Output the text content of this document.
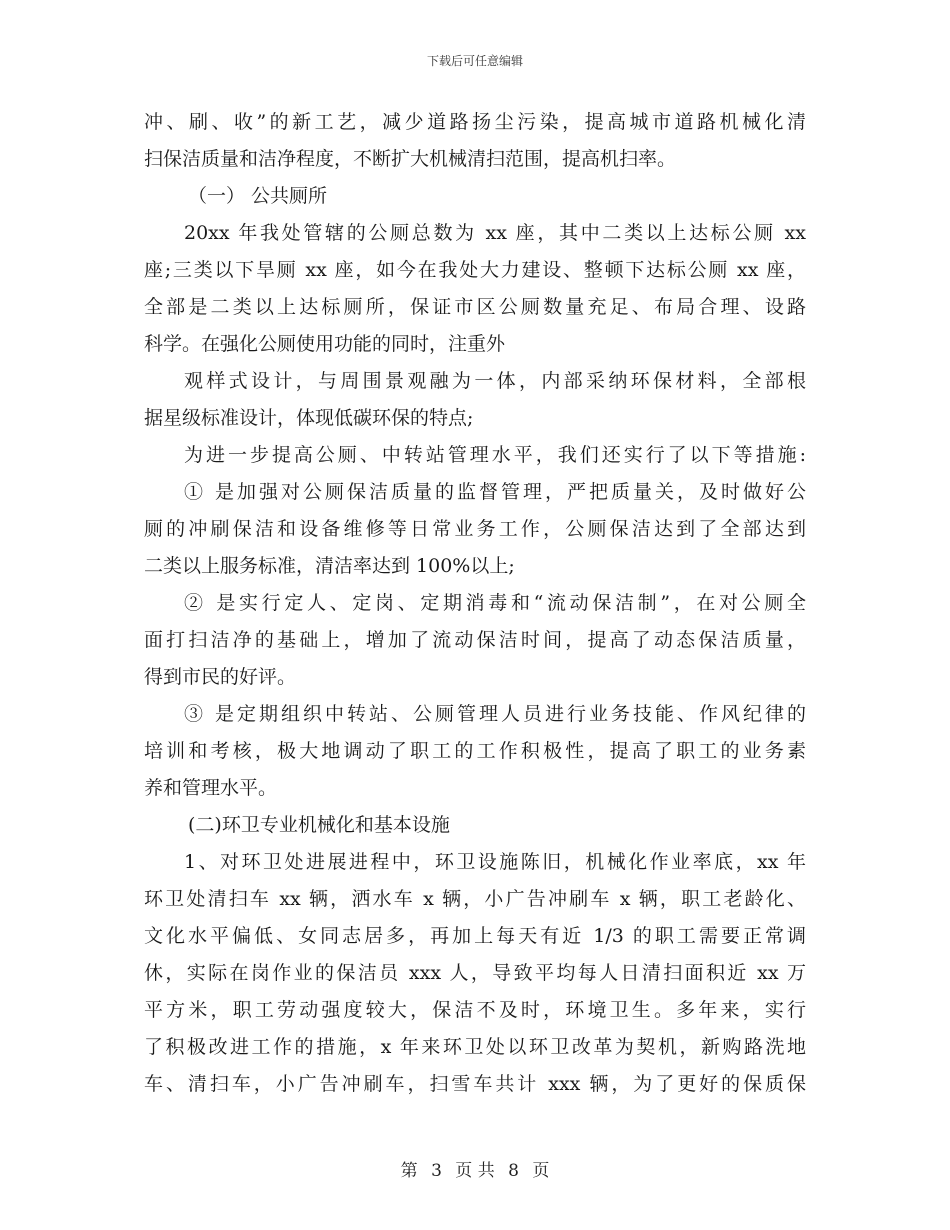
下载后可任意编辑
冲、刷、收”的新工艺，减少道路扬尘污染，提高城市道路机械化清
扫保洁质量和洁净程度，不断扩大机械清扫范围，提高机扫率。
（一） 公共厕所
20xx 年我处管辖的公厕总数为 xx 座，其中二类以上达标公厕 xx
座;三类以下旱厕 xx 座，如今在我处大力建设、整顿下达标公厕 xx 座，
全部是二类以上达标厕所，保证市区公厕数量充足、布局合理、设路
科学。在强化公厕使用功能的同时，注重外
观样式设计，与周围景观融为一体，内部采纳环保材料，全部根
据星级标准设计，体现低碳环保的特点;
为进一步提高公厕、中转站管理水平，我们还实行了以下等措施:
① 是加强对公厕保洁质量的监督管理，严把质量关，及时做好公
厕的冲刷保洁和设备维修等日常业务工作，公厕保洁达到了全部达到
二类以上服务标准，清洁率达到 100%以上;
② 是实行定人、定岗、定期消毒和“流动保洁制”，在对公厕全
面打扫洁净的基础上，增加了流动保洁时间，提高了动态保洁质量，
得到市民的好评。
③ 是定期组织中转站、公厕管理人员进行业务技能、作风纪律的
培训和考核，极大地调动了职工的工作积极性，提高了职工的业务素
养和管理水平。
(二)环卫专业机械化和基本设施
1、对环卫处进展进程中，环卫设施陈旧，机械化作业率底，xx 年
环卫处清扫车 xx 辆，洒水车 x 辆，小广告冲刷车 x 辆，职工老龄化、
文化水平偏低、女同志居多，再加上每天有近 1/3 的职工需要正常调
休，实际在岗作业的保洁员 xxx 人，导致平均每人日清扫面积近 xx 万
平方米，职工劳动强度较大，保洁不及时，环境卫生。多年来，实行
了积极改进工作的措施，x 年来环卫处以环卫改革为契机，新购路洗地
车、清扫车，小广告冲刷车，扫雪车共计 xxx 辆，为了更好的保质保
第 3 页 共 8 页
